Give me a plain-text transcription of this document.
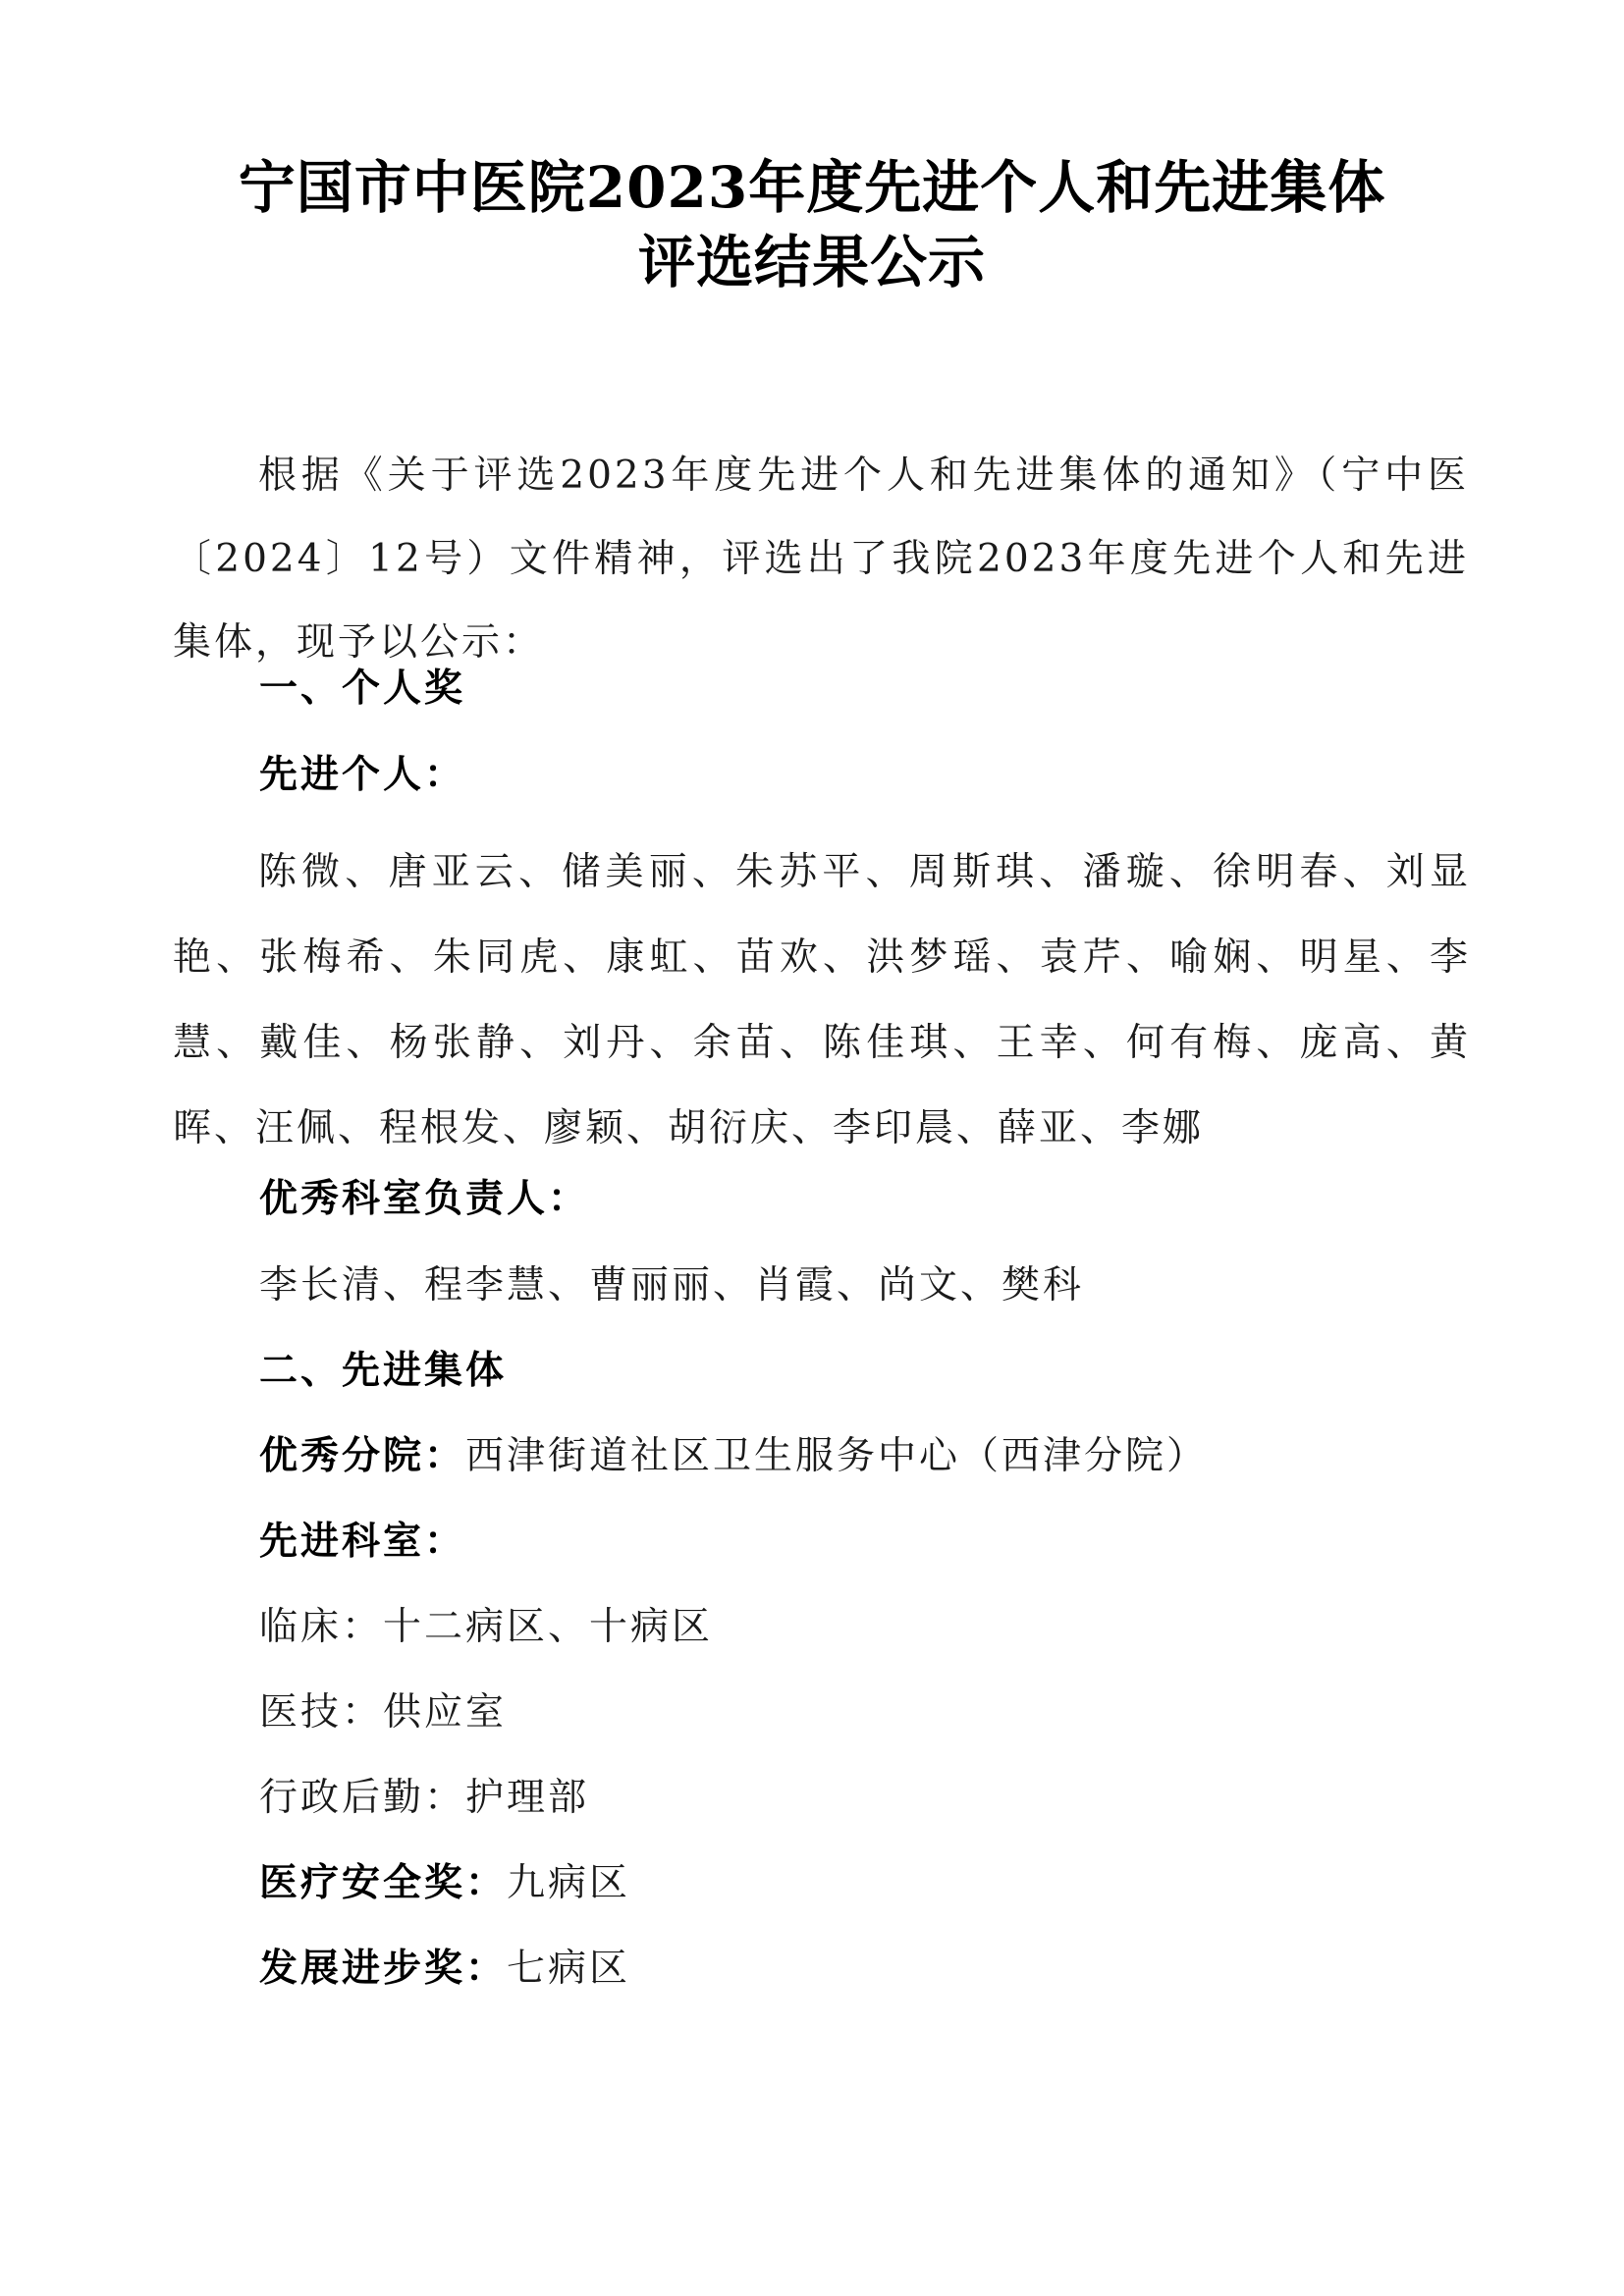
宁国市中医院2023年度先进个人和先进集体
评选结果公示

根据《关于评选2023年度先进个人和先进集体的通知》（宁中医〔2024〕12号）文件精神，评选出了我院2023年度先进个人和先进集体，现予以公示：

一、个人奖
先进个人：

陈微、唐亚云、储美丽、朱苏平、周斯琪、潘璇、徐明春、刘显艳、张梅希、朱同虎、康虹、苗欢、洪梦瑶、袁芹、喻娴、明星、李慧、戴佳、杨张静、刘丹、余苗、陈佳琪、王幸、何有梅、庞高、黄晖、汪佩、程根发、廖颖、胡衍庆、李印晨、薛亚、李娜

优秀科室负责人：
李长清、程李慧、曹丽丽、肖霞、尚文、樊科
二、先进集体
优秀分院：西津街道社区卫生服务中心（西津分院）
先进科室：
临床：十二病区、十病区
医技：供应室
行政后勤：护理部
医疗安全奖：九病区
发展进步奖：七病区
